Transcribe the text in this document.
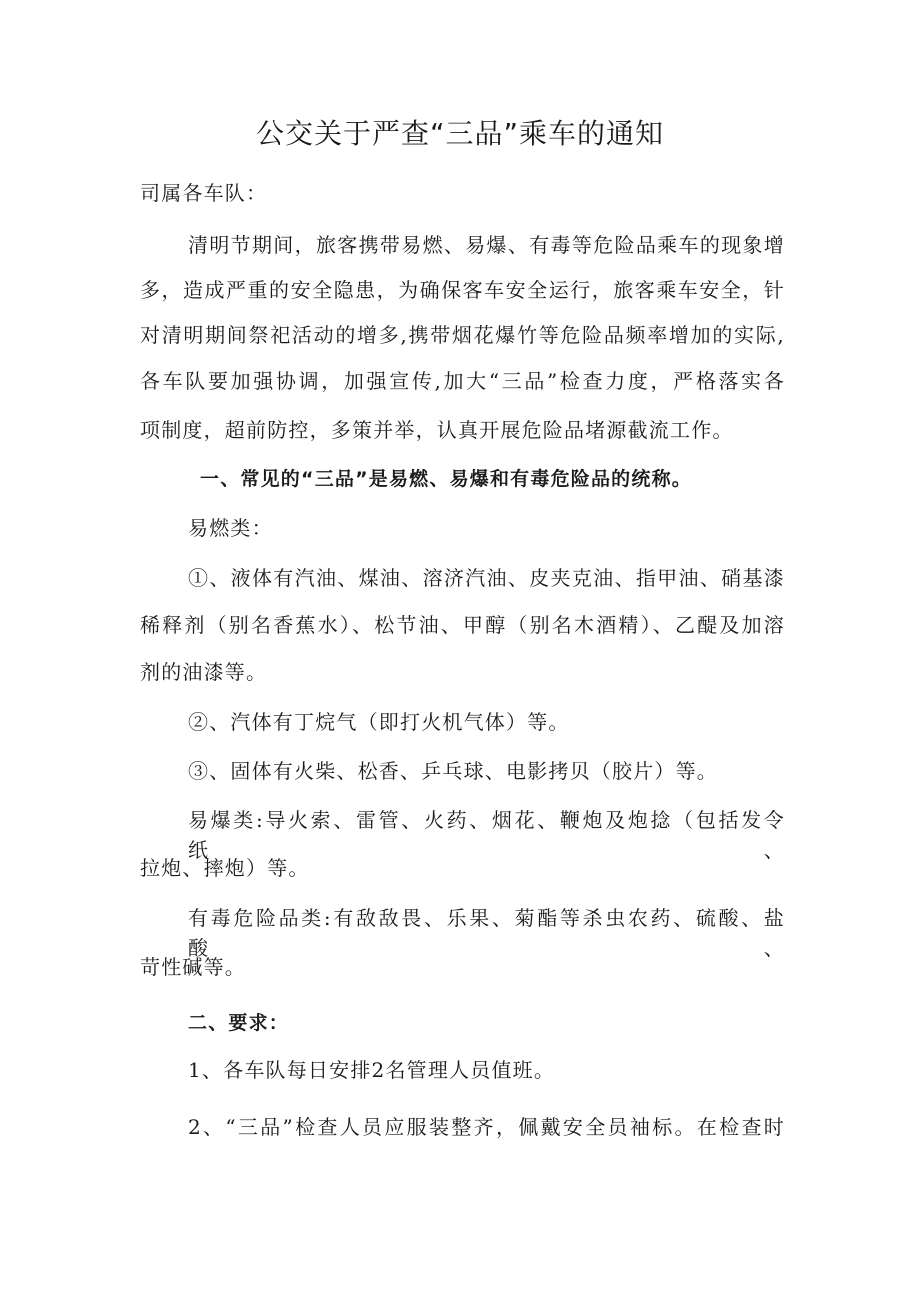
公交关于严查“三品”乘车的通知
司属各车队：
清明节期间，旅客携带易燃、易爆、有毒等危险品乘车的现象增
多，造成严重的安全隐患，为确保客车安全运行，旅客乘车安全，针
对清明期间祭祀活动的增多,携带烟花爆竹等危险品频率增加的实际,
各车队要加强协调，加强宣传,加大“三品”检查力度，严格落实各
项制度，超前防控，多策并举，认真开展危险品堵源截流工作。
一、常见的“三品”是易燃、易爆和有毒危险品的统称。
易燃类：
①、液体有汽油、煤油、溶济汽油、皮夹克油、指甲油、硝基漆
稀释剂（别名香蕉水）、松节油、甲醇（别名木酒精）、乙醍及加溶
剂的油漆等。
②、汽体有丁烷气（即打火机气体）等。
③、固体有火柴、松香、乒乓球、电影拷贝（胶片）等。
易爆类:导火索、雷管、火药、烟花、鞭炮及炮捻（包括发令纸、
拉炮、摔炮）等。
有毒危险品类:有敌敌畏、乐果、菊酯等杀虫农药、硫酸、盐酸、
苛性碱等。
二、要求：
1、各车队每日安排2名管理人员值班。
2、“三品”检查人员应服装整齐，佩戴安全员袖标。在检查时
